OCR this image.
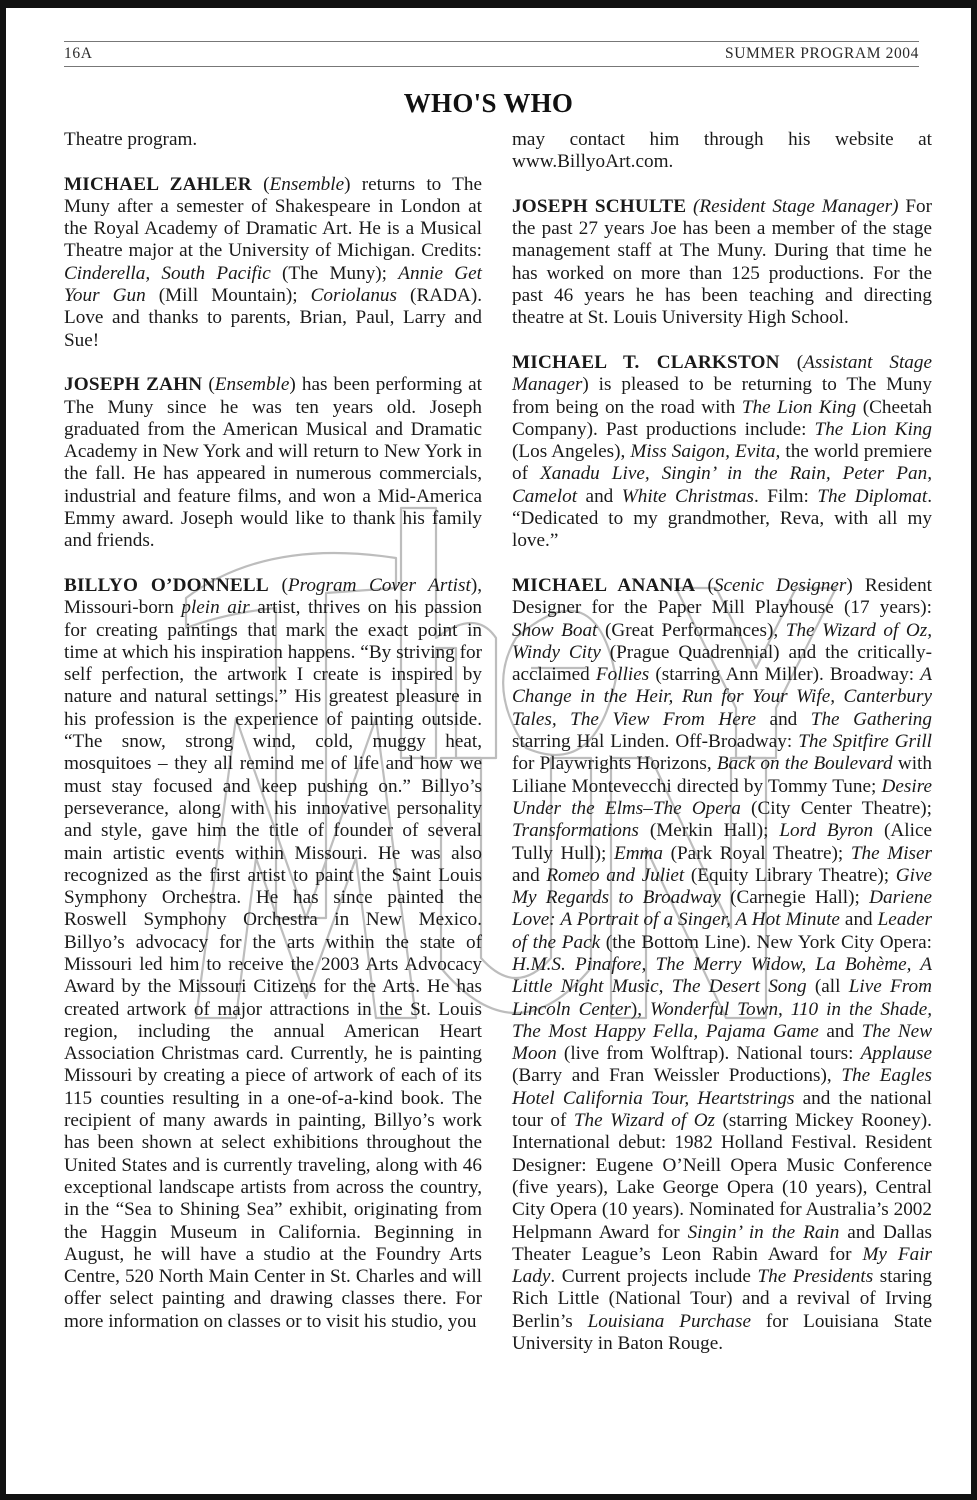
16A	SUMMER PROGRAM 2004
WHO'S WHO

Theatre program.

MICHAEL ZAHLER (Ensemble) returns to The Muny after a semester of Shakespeare in London at the Royal Academy of Dramatic Art. He is a Musical Theatre major at the University of Michigan. Credits: Cinderella, South Pacific (The Muny); Annie Get Your Gun (Mill Mountain); Coriolanus (RADA). Love and thanks to parents, Brian, Paul, Larry and Sue!

JOSEPH ZAHN (Ensemble) has been performing at The Muny since he was ten years old. Joseph graduated from the American Musical and Dramatic Academy in New York and will return to New York in the fall. He has appeared in numerous commercials, industrial and feature films, and won a Mid-America Emmy award. Joseph would like to thank his family and friends.

BILLYO O’DONNELL (Program Cover Artist), Missouri-born plein air artist, thrives on his passion for creating paintings that mark the exact point in time at which his inspiration happens. “By striving for self perfection, the artwork I create is inspired by nature and natural settings.” His greatest pleasure in his profession is the experience of painting outside. “The snow, strong wind, cold, muggy heat, mosquitoes – they all remind me of life and how we must stay focused and keep pushing on.” Billyo’s perseverance, along with his innovative personality and style, gave him the title of founder of several main artistic events within Missouri. He was also recognized as the first artist to paint the Saint Louis Symphony Orchestra. He has since painted the Roswell Symphony Orchestra in New Mexico. Billyo’s advocacy for the arts within the state of Missouri led him to receive the 2003 Arts Advocacy Award by the Missouri Citizens for the Arts. He has created artwork of major attractions in the St. Louis region, including the annual American Heart Association Christmas card. Currently, he is painting Missouri by creating a piece of artwork of each of its 115 counties resulting in a one-of-a-kind book. The recipient of many awards in painting, Billyo’s work has been shown at select exhibitions throughout the United States and is currently traveling, along with 46 exceptional landscape artists from across the country, in the “Sea to Shining Sea” exhibit, originating from the Haggin Museum in California. Beginning in August, he will have a studio at the Foundry Arts Centre, 520 North Main Center in St. Charles and will offer select painting and drawing classes there. For more information on classes or to visit his studio, you

may contact him through his website at www.BillyoArt.com.

JOSEPH SCHULTE (Resident Stage Manager) For the past 27 years Joe has been a member of the stage management staff at The Muny. During that time he has worked on more than 125 productions. For the past 46 years he has been teaching and directing theatre at St. Louis University High School.

MICHAEL T. CLARKSTON (Assistant Stage Manager) is pleased to be returning to The Muny from being on the road with The Lion King (Cheetah Company). Past productions include: The Lion King (Los Angeles), Miss Saigon, Evita, the world premiere of Xanadu Live, Singin’ in the Rain, Peter Pan, Camelot and White Christmas. Film: The Diplomat. “Dedicated to my grandmother, Reva, with all my love.”

MICHAEL ANANIA (Scenic Designer) Resident Designer for the Paper Mill Playhouse (17 years): Show Boat (Great Performances), The Wizard of Oz, Windy City (Prague Quadrennial) and the critically-acclaimed Follies (starring Ann Miller). Broadway: A Change in the Heir, Run for Your Wife, Canterbury Tales, The View From Here and The Gathering starring Hal Linden. Off-Broadway: The Spitfire Grill for Playwrights Horizons, Back on the Boulevard with Liliane Montevecchi directed by Tommy Tune; Desire Under the Elms–The Opera (City Center Theatre); Transformations (Merkin Hall); Lord Byron (Alice Tully Hull); Emma (Park Royal Theatre); The Miser and Romeo and Juliet (Equity Library Theatre); Give My Regards to Broadway (Carnegie Hall); Dariene Love: A Portrait of a Singer, A Hot Minute and Leader of the Pack (the Bottom Line). New York City Opera: H.M.S. Pinafore, The Merry Widow, La Bohème, A Little Night Music, The Desert Song (all Live From Lincoln Center), Wonderful Town, 110 in the Shade, The Most Happy Fella, Pajama Game and The New Moon (live from Wolftrap). National tours: Applause (Barry and Fran Weissler Productions), The Eagles Hotel California Tour, Heartstrings and the national tour of The Wizard of Oz (starring Mickey Rooney). International debut: 1982 Holland Festival. Resident Designer: Eugene O’Neill Opera Music Conference (five years), Lake George Opera (10 years), Central City Opera (10 years). Nominated for Australia’s 2002 Helpmann Award for Singin’ in the Rain and Dallas Theater League’s Leon Rabin Award for My Fair Lady. Current projects include The Presidents staring Rich Little (National Tour) and a revival of Irving Berlin’s Louisiana Purchase for Louisiana State University in Baton Rouge.
